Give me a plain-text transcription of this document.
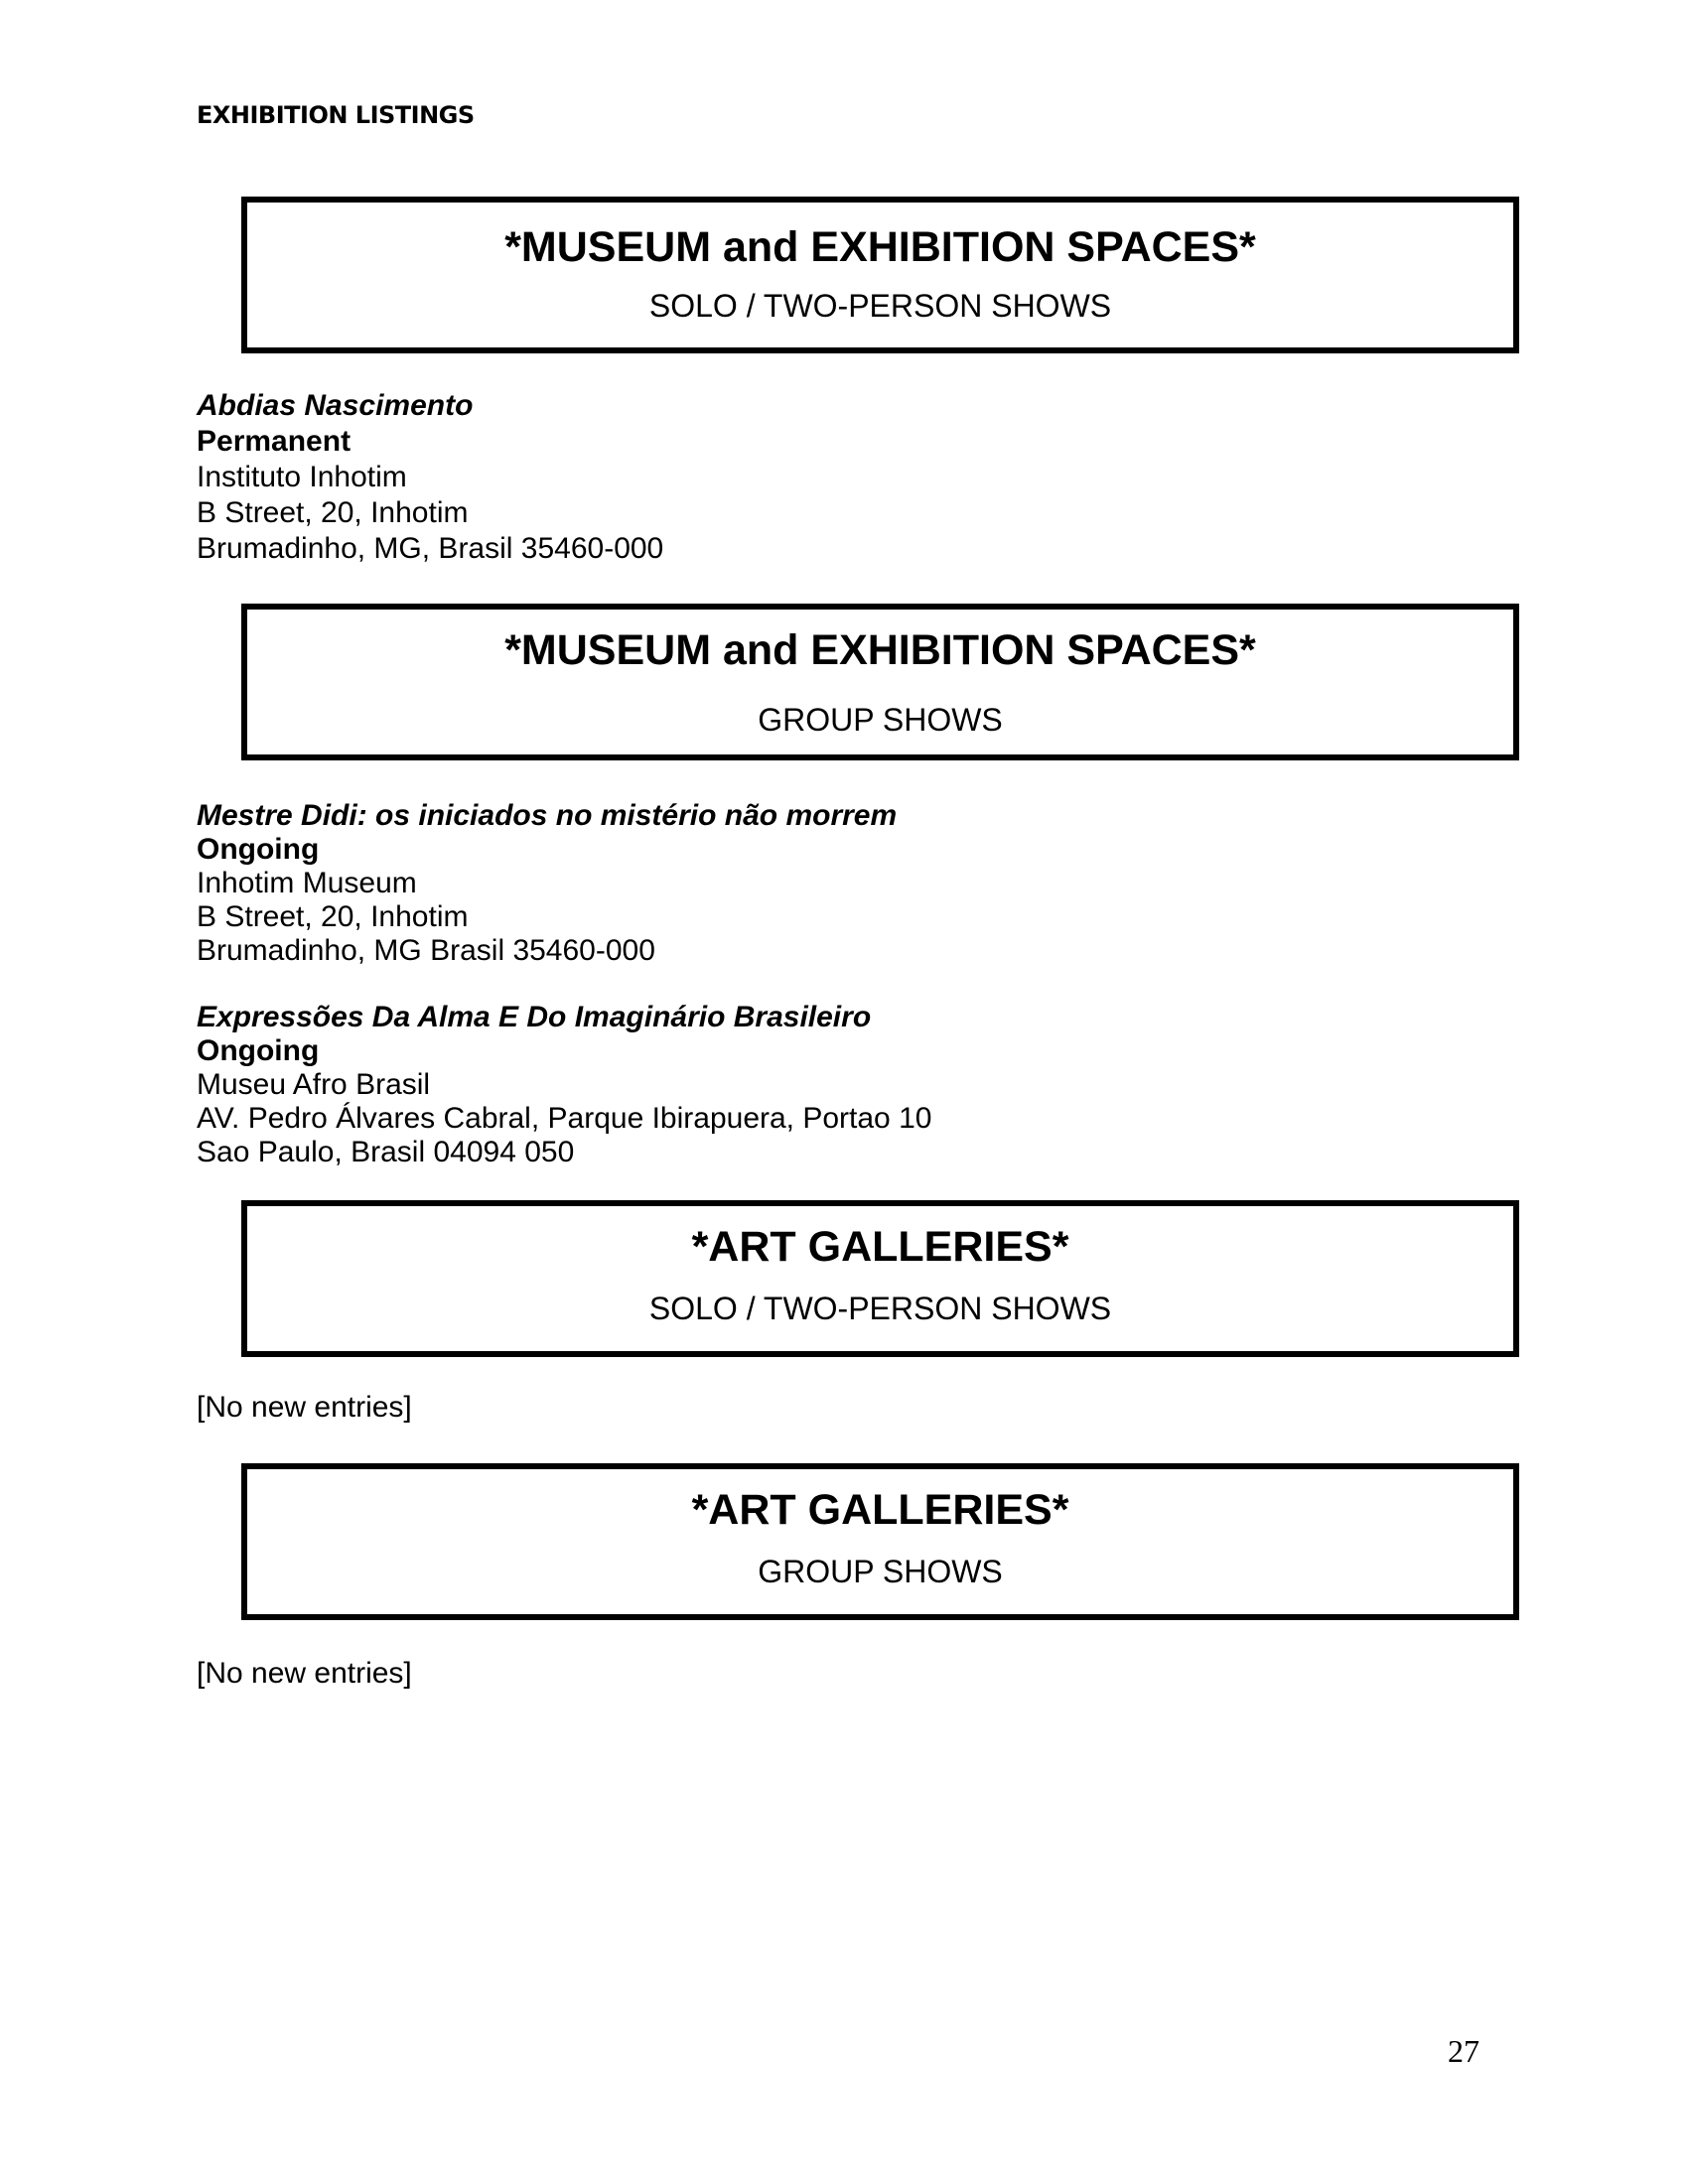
EXHIBITION LISTINGS
*MUSEUM and EXHIBITION SPACES*
SOLO / TWO-PERSON SHOWS
Abdias Nascimento
Permanent
Instituto Inhotim
B Street, 20, Inhotim
Brumadinho, MG, Brasil 35460-000
*MUSEUM and EXHIBITION SPACES*
GROUP SHOWS
Mestre Didi: os iniciados no mistério não morrem
Ongoing
Inhotim Museum
B Street, 20, Inhotim
Brumadinho, MG Brasil 35460-000
Expressões Da Alma E Do Imaginário Brasileiro
Ongoing
Museu Afro Brasil
AV. Pedro Álvares Cabral, Parque Ibirapuera, Portao 10
Sao Paulo, Brasil 04094 050
*ART GALLERIES*
SOLO / TWO-PERSON SHOWS
[No new entries]
*ART GALLERIES*
GROUP SHOWS
[No new entries]
27
